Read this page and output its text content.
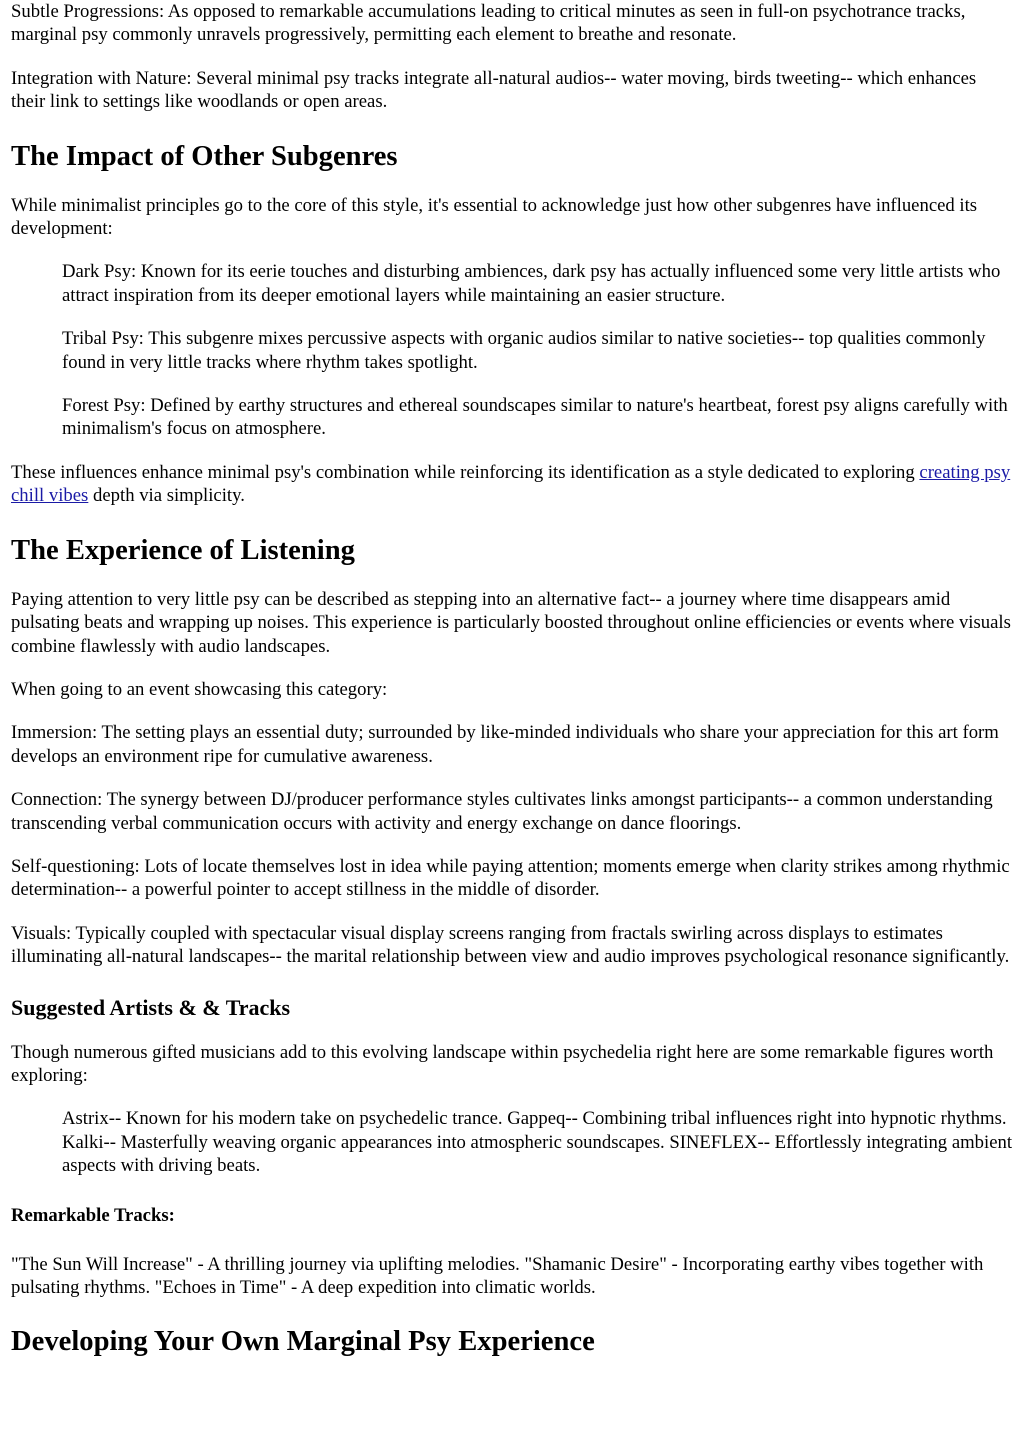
Subtle Progressions: As opposed to remarkable accumulations leading to critical minutes as seen in full-on psychotrance tracks, marginal psy commonly unravels progressively, permitting each element to breathe and resonate.

Integration with Nature: Several minimal psy tracks integrate all-natural audios-- water moving, birds tweeting-- which enhances their link to settings like woodlands or open areas.

The Impact of Other Subgenres

While minimalist principles go to the core of this style, it's essential to acknowledge just how other subgenres have influenced its development:

Dark Psy: Known for its eerie touches and disturbing ambiences, dark psy has actually influenced some very little artists who attract inspiration from its deeper emotional layers while maintaining an easier structure.

Tribal Psy: This subgenre mixes percussive aspects with organic audios similar to native societies-- top qualities commonly found in very little tracks where rhythm takes spotlight.

Forest Psy: Defined by earthy structures and ethereal soundscapes similar to nature's heartbeat, forest psy aligns carefully with minimalism's focus on atmosphere.

These influences enhance minimal psy's combination while reinforcing its identification as a style dedicated to exploring creating psy chill vibes depth via simplicity.

The Experience of Listening

Paying attention to very little psy can be described as stepping into an alternative fact-- a journey where time disappears amid pulsating beats and wrapping up noises. This experience is particularly boosted throughout online efficiencies or events where visuals combine flawlessly with audio landscapes.

When going to an event showcasing this category:

Immersion: The setting plays an essential duty; surrounded by like-minded individuals who share your appreciation for this art form develops an environment ripe for cumulative awareness.

Connection: The synergy between DJ/producer performance styles cultivates links amongst participants-- a common understanding transcending verbal communication occurs with activity and energy exchange on dance floorings.

Self-questioning: Lots of locate themselves lost in idea while paying attention; moments emerge when clarity strikes among rhythmic determination-- a powerful pointer to accept stillness in the middle of disorder.

Visuals: Typically coupled with spectacular visual display screens ranging from fractals swirling across displays to estimates illuminating all-natural landscapes-- the marital relationship between view and audio improves psychological resonance significantly.

Suggested Artists & & Tracks

Though numerous gifted musicians add to this evolving landscape within psychedelia right here are some remarkable figures worth exploring:

Astrix-- Known for his modern take on psychedelic trance. Gappeq-- Combining tribal influences right into hypnotic rhythms. Kalki-- Masterfully weaving organic appearances into atmospheric soundscapes. SINEFLEX-- Effortlessly integrating ambient aspects with driving beats.

Remarkable Tracks:

"The Sun Will Increase" - A thrilling journey via uplifting melodies. "Shamanic Desire" - Incorporating earthy vibes together with pulsating rhythms. "Echoes in Time" - A deep expedition into climatic worlds.

Developing Your Own Marginal Psy Experience
